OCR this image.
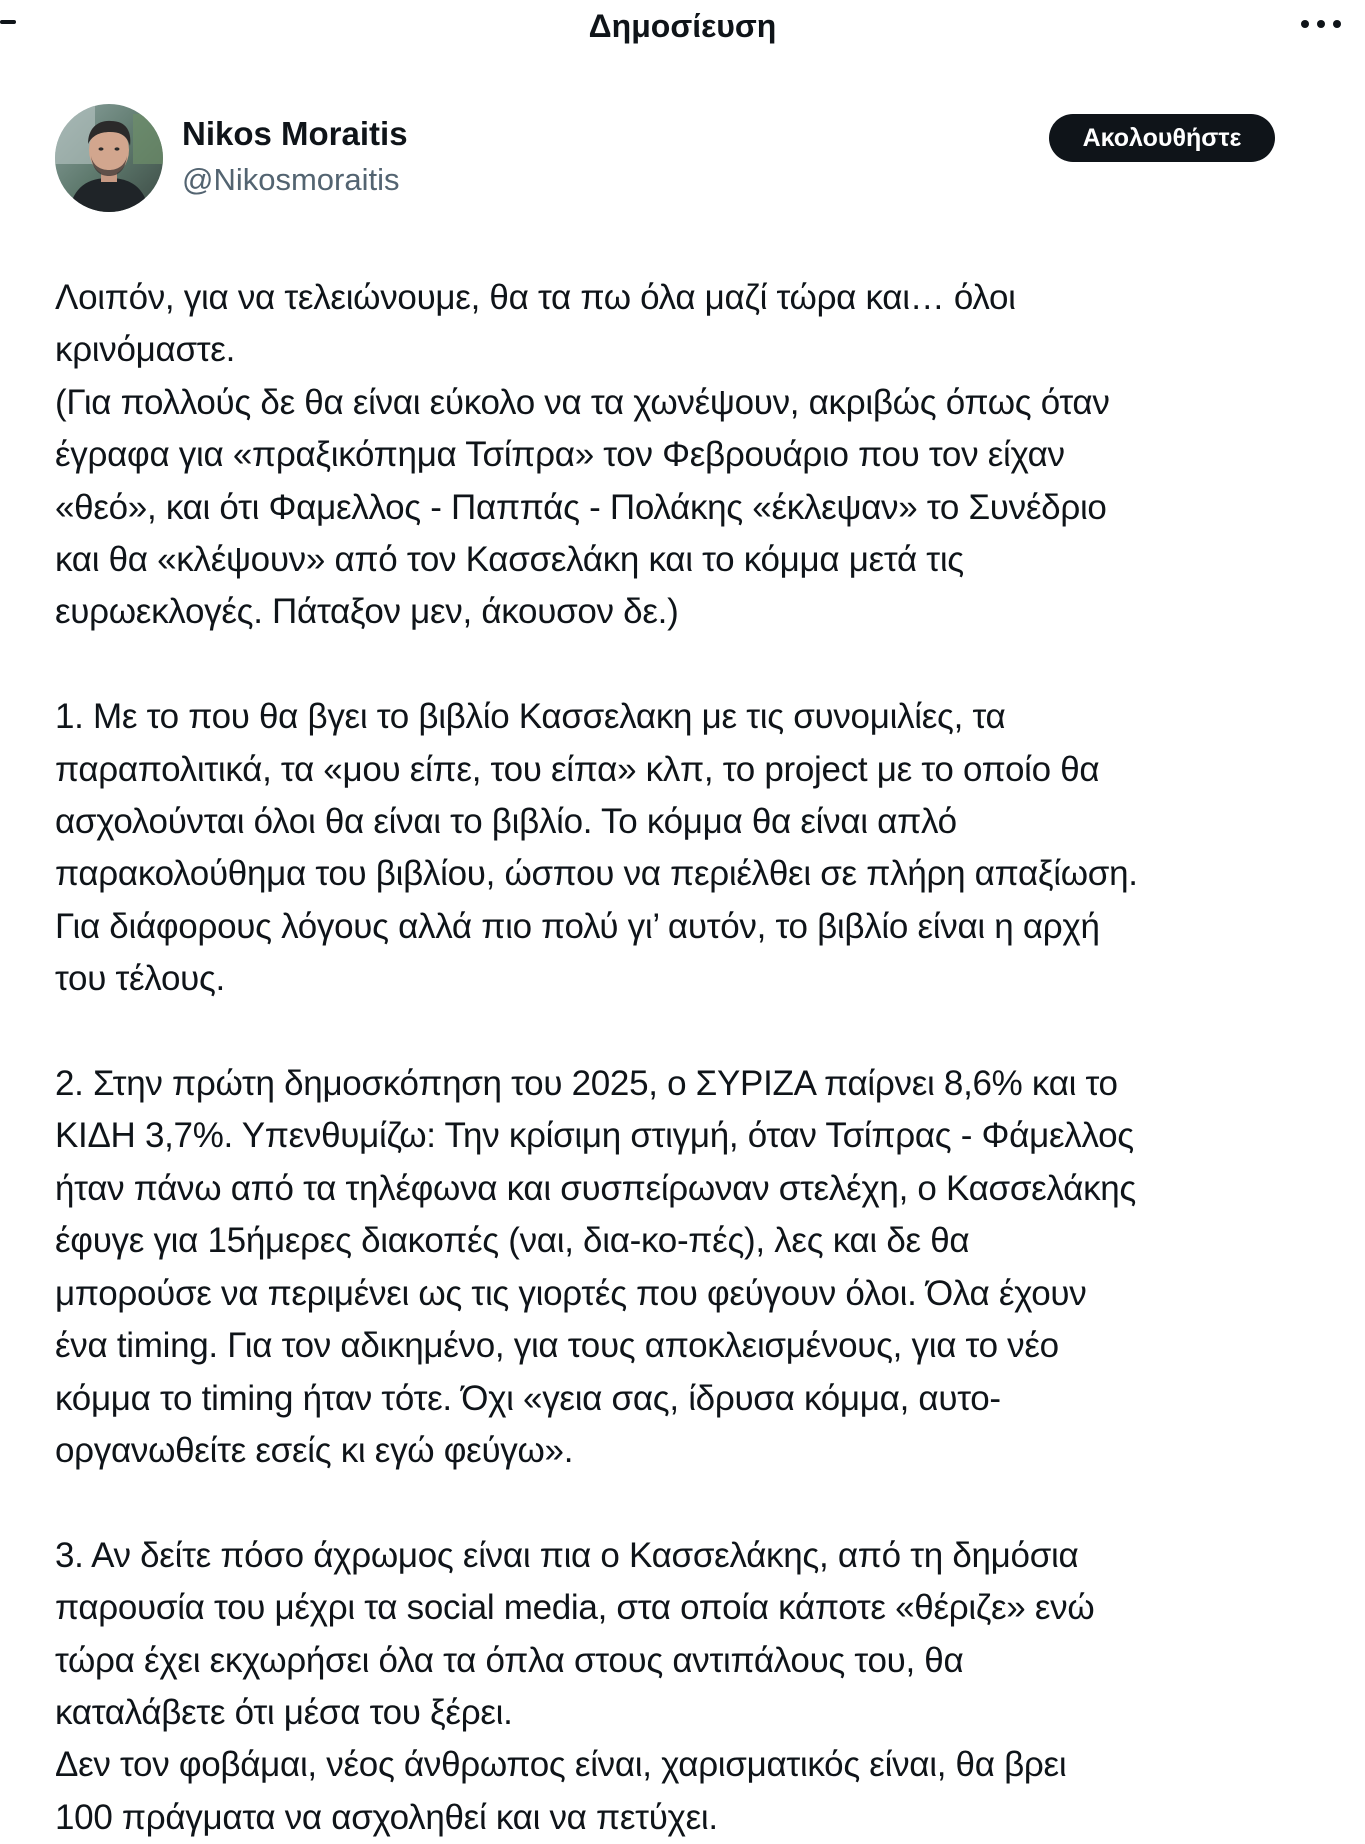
Δημοσίευση
Nikos Moraitis
@Nikosmoraitis
Ακολουθήστε

Λοιπόν, για να τελειώνουμε, θα τα πω όλα μαζί τώρα και… όλοι

κρινόμαστε.

(Για πολλούς δε θα είναι εύκολο να τα χωνέψουν, ακριβώς όπως όταν

έγραφα για «πραξικόπημα Τσίπρα» τον Φεβρουάριο που τον είχαν

«θεό», και ότι Φαμελλος - Παππάς - Πολάκης «έκλεψαν» το Συνέδριο

και θα «κλέψουν» από τον Κασσελάκη και το κόμμα μετά τις

ευρωεκλογές. Πάταξον μεν, άκουσον δε.)

1. Με το που θα βγει το βιβλίο Κασσελακη με τις συνομιλίες, τα

παραπολιτικά, τα «μου είπε, του είπα» κλπ, το project με το οποίο θα

ασχολούνται όλοι θα είναι το βιβλίο. Το κόμμα θα είναι απλό

παρακολούθημα του βιβλίου, ώσπου να περιέλθει σε πλήρη απαξίωση.

Για διάφορους λόγους αλλά πιο πολύ γι’ αυτόν, το βιβλίο είναι η αρχή

του τέλους.

2. Στην πρώτη δημοσκόπηση του 2025, ο ΣΥΡΙΖΑ παίρνει 8,6% και το

ΚΙΔΗ 3,7%. Υπενθυμίζω: Την κρίσιμη στιγμή, όταν Τσίπρας - Φάμελλος

ήταν πάνω από τα τηλέφωνα και συσπείρωναν στελέχη, ο Κασσελάκης

έφυγε για 15ήμερες διακοπές (ναι, δια-κο-πές), λες και δε θα

μπορούσε να περιμένει ως τις γιορτές που φεύγουν όλοι. Όλα έχουν

ένα timing. Για τον αδικημένο, για τους αποκλεισμένους, για το νέο

κόμμα το timing ήταν τότε. Όχι «γεια σας, ίδρυσα κόμμα, αυτο-

οργανωθείτε εσείς κι εγώ φεύγω».

3. Αν δείτε πόσο άχρωμος είναι πια ο Κασσελάκης, από τη δημόσια

παρουσία του μέχρι τα social media, στα οποία κάποτε «θέριζε» ενώ

τώρα έχει εκχωρήσει όλα τα όπλα στους αντιπάλους του, θα

καταλάβετε ότι μέσα του ξέρει.

Δεν τον φοβάμαι, νέος άνθρωπος είναι, χαρισματικός είναι, θα βρει

100 πράγματα να ασχοληθεί και να πετύχει.
